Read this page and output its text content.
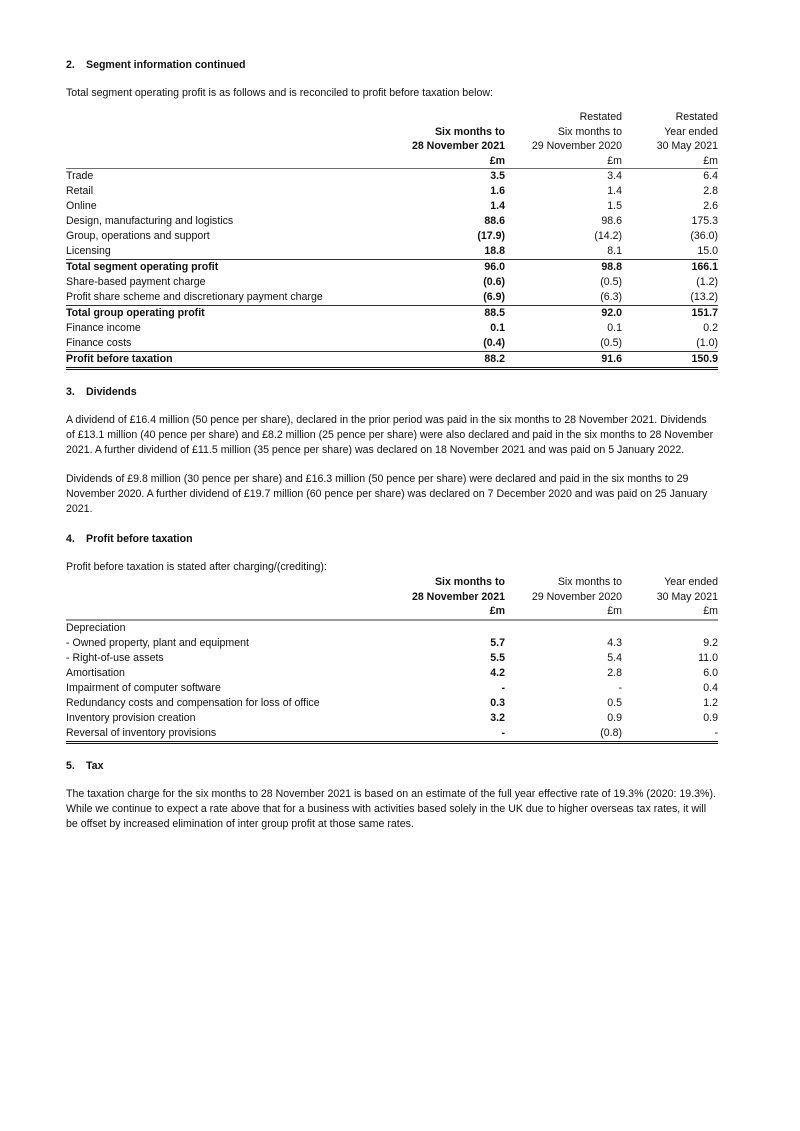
2. Segment information continued

Total segment operating profit is as follows and is reconciled to profit before taxation below:

		Restated	Restated
	Six months to	Six months to	Year ended
	28 November 2021	29 November 2020	30 May 2021
	£m	£m	£m
Trade	3.5	3.4	6.4
Retail	1.6	1.4	2.8
Online	1.4	1.5	2.6
Design, manufacturing and logistics	88.6	98.6	175.3
Group, operations and support	(17.9)	(14.2)	(36.0)
Licensing	18.8	8.1	15.0
Total segment operating profit	96.0	98.8	166.1
Share-based payment charge	(0.6)	(0.5)	(1.2)
Profit share scheme and discretionary payment charge	(6.9)	(6.3)	(13.2)
Total group operating profit	88.5	92.0	151.7
Finance income	0.1	0.1	0.2
Finance costs	(0.4)	(0.5)	(1.0)
Profit before taxation	88.2	91.6	150.9
3. Dividends

A dividend of £16.4 million (50 pence per share), declared in the prior period was paid in the six months to 28 November 2021. Dividends of £13.1 million (40 pence per share) and £8.2 million (25 pence per share) were also declared and paid in the six months to 28 November 2021. A further dividend of £11.5 million (35 pence per share) was declared on 18 November 2021 and was paid on 5 January 2022.

Dividends of £9.8 million (30 pence per share) and £16.3 million (50 pence per share) were declared and paid in the six months to 29 November 2020. A further dividend of £19.7 million (60 pence per share) was declared on 7 December 2020 and was paid on 25 January 2021.

4. Profit before taxation

Profit before taxation is stated after charging/(crediting):

	Six months to	Six months to	Year ended
	28 November 2021	29 November 2020	30 May 2021
	£m	£m	£m
Depreciation			
- Owned property, plant and equipment	5.7	4.3	9.2
- Right-of-use assets	5.5	5.4	11.0
Amortisation	4.2	2.8	6.0
Impairment of computer software	-	-	0.4
Redundancy costs and compensation for loss of office	0.3	0.5	1.2
Inventory provision creation	3.2	0.9	0.9
Reversal of inventory provisions	-	(0.8)	-
5. Tax

The taxation charge for the six months to 28 November 2021 is based on an estimate of the full year effective rate of 19.3% (2020: 19.3%). While we continue to expect a rate above that for a business with activities based solely in the UK due to higher overseas tax rates, it will be offset by increased elimination of inter group profit at those same rates.
